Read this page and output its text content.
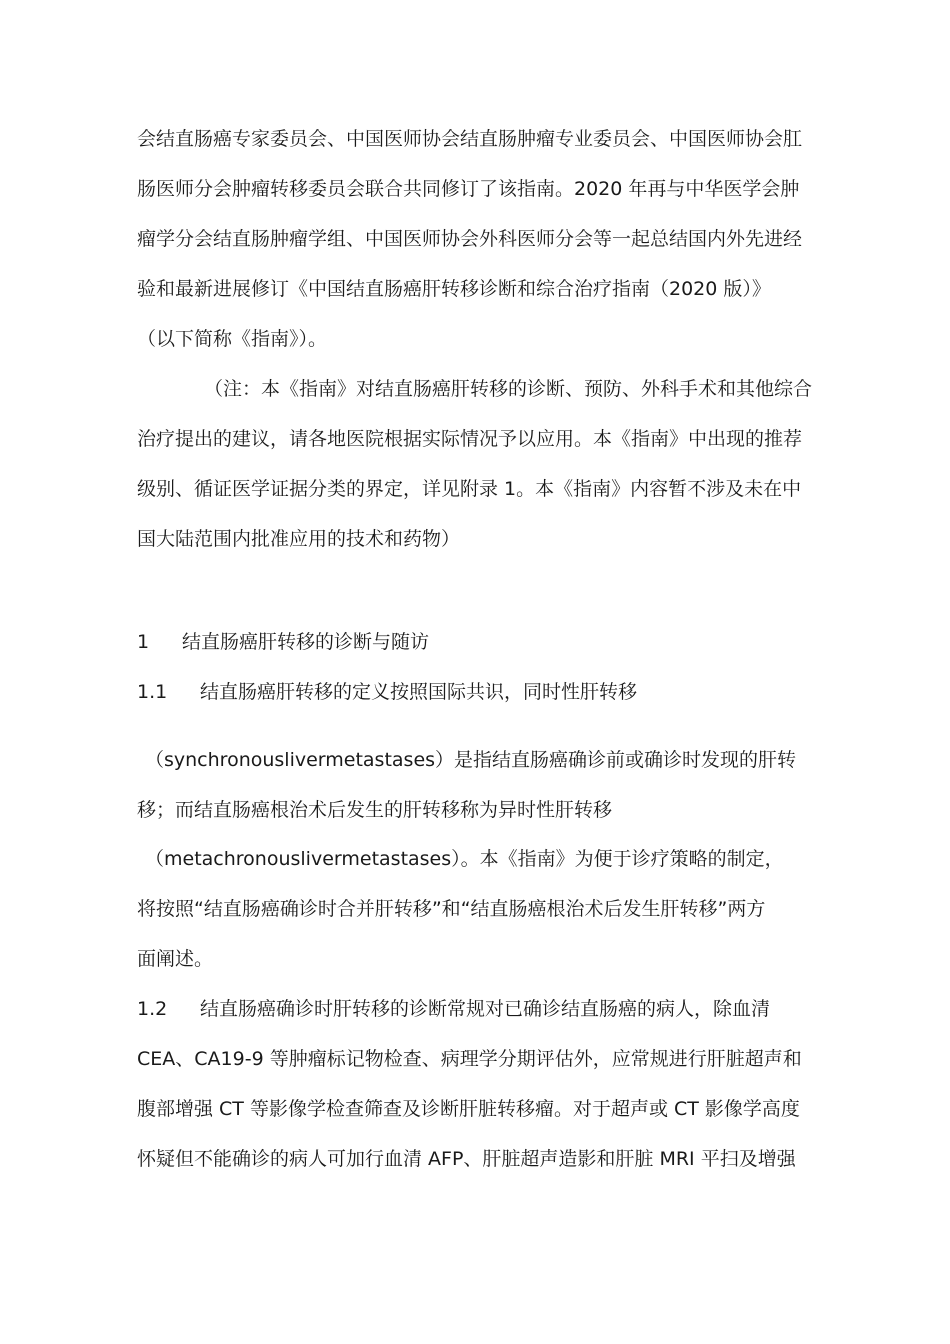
会结直肠癌专家委员会、中国医师协会结直肠肿瘤专业委员会、中国医师协会肛
肠医师分会肿瘤转移委员会联合共同修订了该指南。2020 年再与中华医学会肿
瘤学分会结直肠肿瘤学组、中国医师协会外科医师分会等一起总结国内外先进经
验和最新进展修订《中国结直肠癌肝转移诊断和综合治疗指南（2020 版）》
（以下简称《指南》）。
（注：本《指南》对结直肠癌肝转移的诊断、预防、外科手术和其他综合
治疗提出的建议，请各地医院根据实际情况予以应用。本《指南》中出现的推荐
级别、循证医学证据分类的界定，详见附录 1。本《指南》内容暂不涉及未在中
国大陆范围内批准应用的技术和药物）
1 结直肠癌肝转移的诊断与随访
1.1 结直肠癌肝转移的定义按照国际共识，同时性肝转移
（synchronouslivermetastases）是指结直肠癌确诊前或确诊时发现的肝转
移；而结直肠癌根治术后发生的肝转移称为异时性肝转移
（metachronouslivermetastases）。本《指南》为便于诊疗策略的制定，
将按照“结直肠癌确诊时合并肝转移”和“结直肠癌根治术后发生肝转移”两方
面阐述。
1.2 结直肠癌确诊时肝转移的诊断常规对已确诊结直肠癌的病人，除血清
CEA、CA19-9 等肿瘤标记物检查、病理学分期评估外，应常规进行肝脏超声和
腹部增强 CT 等影像学检查筛查及诊断肝脏转移瘤。对于超声或 CT 影像学高度
怀疑但不能确诊的病人可加行血清 AFP、肝脏超声造影和肝脏 MRI 平扫及增强
